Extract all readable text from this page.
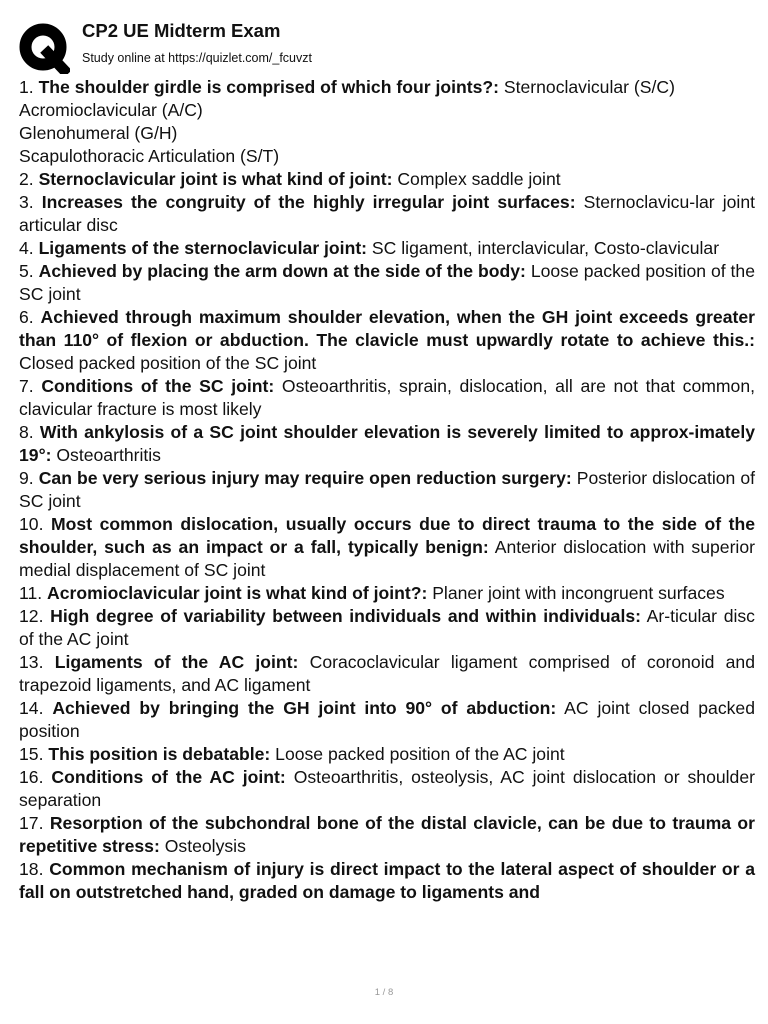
CP2 UE Midterm Exam
Study online at https://quizlet.com/_fcuvzt
1. The shoulder girdle is comprised of which four joints?: Sternoclavicular (S/C)
Acromioclavicular (A/C)
Glenohumeral (G/H)
Scapulothoracic Articulation (S/T)
2. Sternoclavicular joint is what kind of joint: Complex saddle joint
3. Increases the congruity of the highly irregular joint surfaces: Sternoclavicu-lar joint articular disc
4. Ligaments of the sternoclavicular joint: SC ligament, interclavicular, Costo-clavicular
5. Achieved by placing the arm down at the side of the body: Loose packed position of the SC joint
6. Achieved through maximum shoulder elevation, when the GH joint exceeds greater than 110° of flexion or abduction. The clavicle must upwardly rotate to achieve this.: Closed packed position of the SC joint
7. Conditions of the SC joint: Osteoarthritis, sprain, dislocation, all are not that common, clavicular fracture is most likely
8. With ankylosis of a SC joint shoulder elevation is severely limited to approx-imately 19°: Osteoarthritis
9. Can be very serious injury may require open reduction surgery: Posterior dislocation of SC joint
10. Most common dislocation, usually occurs due to direct trauma to the side of the shoulder, such as an impact or a fall, typically benign: Anterior dislocation with superior medial displacement of SC joint
11. Acromioclavicular joint is what kind of joint?: Planer joint with incongruent surfaces
12. High degree of variability between individuals and within individuals: Ar-ticular disc of the AC joint
13. Ligaments of the AC joint: Coracoclavicular ligament comprised of coronoid and trapezoid ligaments, and AC ligament
14. Achieved by bringing the GH joint into 90° of abduction: AC joint closed packed position
15. This position is debatable: Loose packed position of the AC joint
16. Conditions of the AC joint: Osteoarthritis, osteolysis, AC joint dislocation or shoulder separation
17. Resorption of the subchondral bone of the distal clavicle, can be due to trauma or repetitive stress: Osteolysis
18. Common mechanism of injury is direct impact to the lateral aspect of shoulder or a fall on outstretched hand, graded on damage to ligaments and
1 / 8
